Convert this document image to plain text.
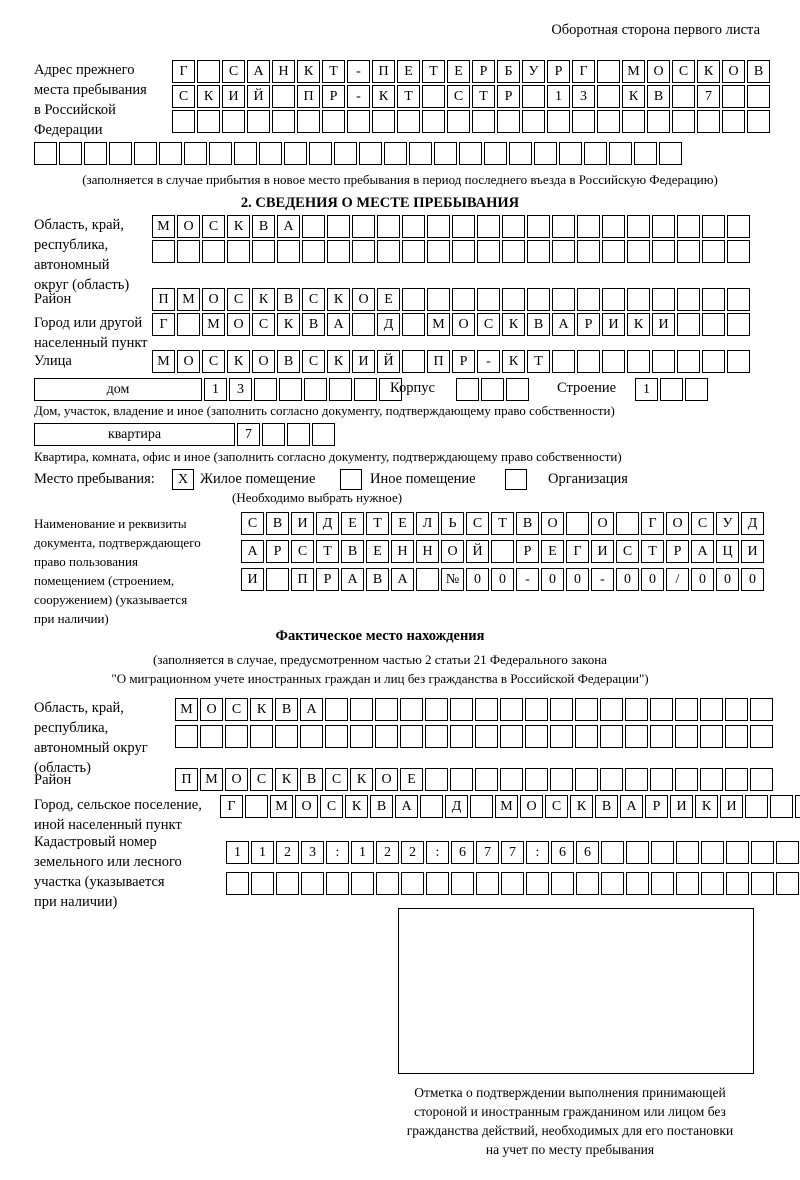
Оборотная сторона первого листа
Адрес прежнего
места пребывания
в Российской
Федерации
Г	С	А	Н	К	Т	-	П	Е	Т	Е	Р	Б	У	Р	Г	М О	С	К	О	В
С	К	И	Й	П	Р	-	К	Т	С	Т	Р	1	3	К	В	7
(заполняется в случае прибытия в новое место пребывания в период последнего въезда в Российскую Федерацию)
2. СВЕДЕНИЯ О МЕСТЕ ПРЕБЫВАНИЯ
Область, край,
республика,
автономный
округ (область)
М О	С	К	В	А
Район	П М О	С	К	В	С	К	О	Е
Город или другой
населенный пункт
Г	М О	С	К	В	А	Д	М О	С	К	В	А	Р	И	К	И
Улица	М О	С	К	О	В	С	К	И	Й	П	Р	-	К	Т
дом	1	3	Корпус	Строение	1
Дом, участок, владение и иное (заполнить согласно документу, подтверждающему право собственности)
квартира	7
Квартира, комната, офис и иное (заполнить согласно документу, подтверждающему право собственности)
Место пребывания:	X Жилое помещение	Иное помещение	Организация
(Необходимо выбрать нужное)
Наименование и реквизиты
документа, подтверждающего
право пользования
помещением (строением,
сооружением) (указывается
при наличии)
С	В	И	Д	Е	Т	Е	Л	Ь	С	Т	В	О	О	Г	О	С	У	Д
А	Р	С	Т	В	Е	Н	Н	О	Й	Р	Е	Г	И	С	Т	Р	А	Ц	И
И	П	Р	А	В	А	№	0	0	-	0	0	-	0	0	/	0	0	0
Фактическое место нахождения
(заполняется в случае, предусмотренном частью 2 статьи 21 Федерального закона
"О миграционном учете иностранных граждан и лиц без гражданства в Российской Федерации")
Область, край,
республика,
автономный округ
(область)
М О	С	К	В	А
Район	П М О	С	К	В	С	К	О	Е
Город, сельское поселение,
иной населенный пункт
Г	М О	С	К	В	А	Д	М О	С	К	В	А	Р	И	К	И
Кадастровый номер
земельного или лесного
участка (указывается
при наличии)
1	1	2	3	:	1	2	2	:	6	7	7	:	6	6
Отметка о подтверждении выполнения принимающей
стороной и иностранным гражданином или лицом без
гражданства действий, необходимых для его постановки
на учет по месту пребывания
